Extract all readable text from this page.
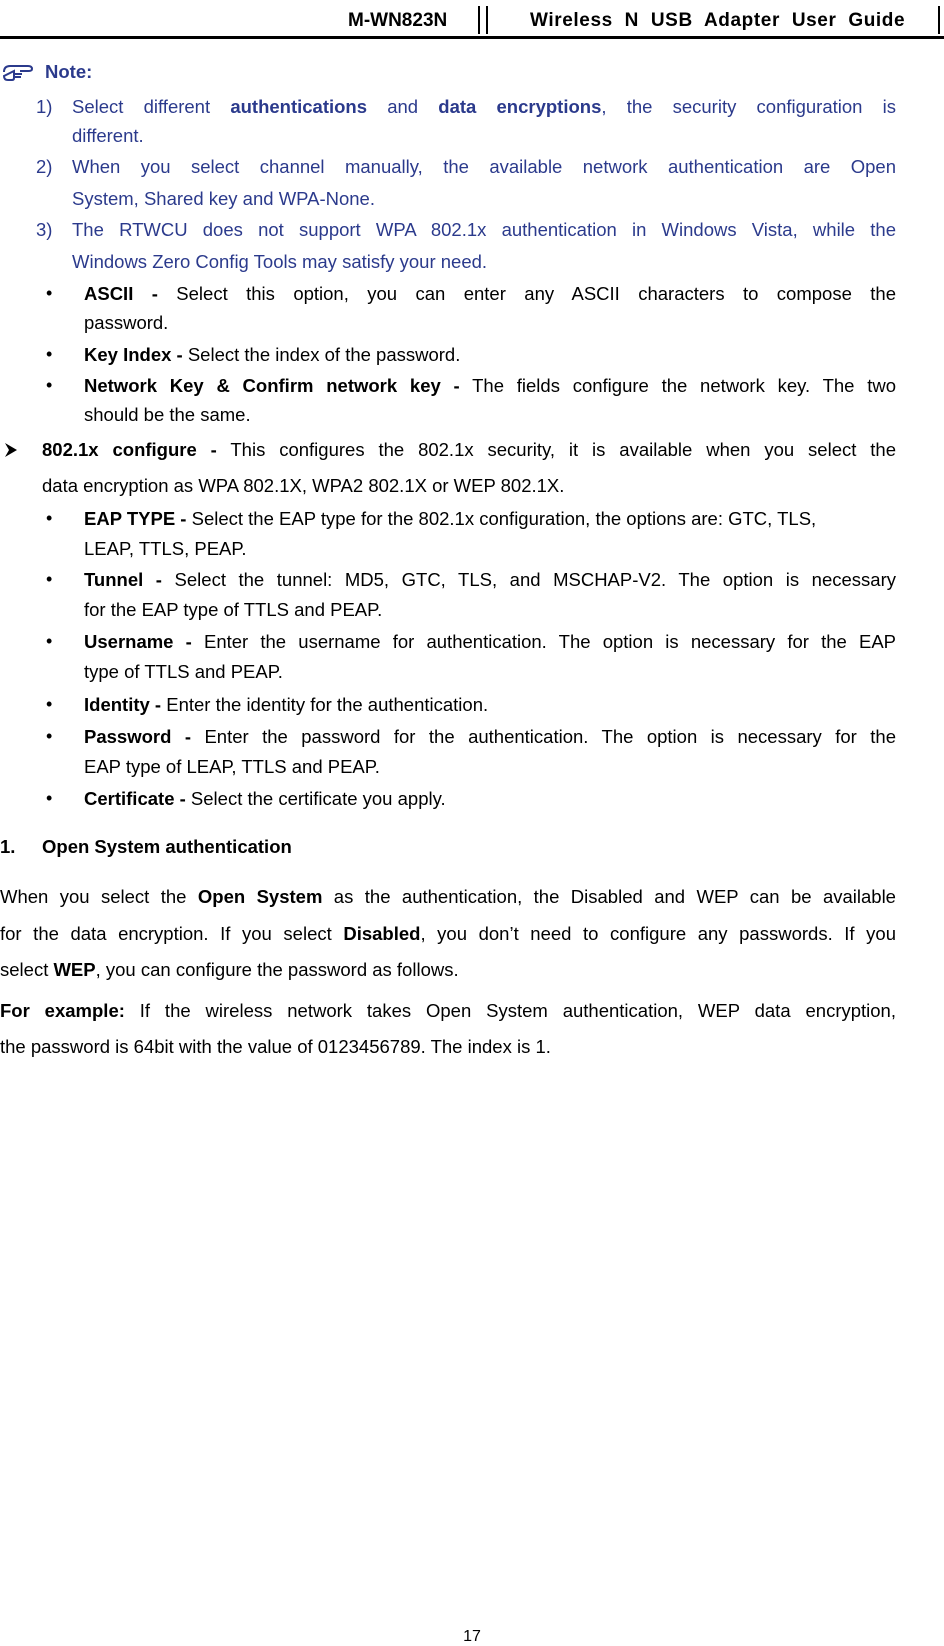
M-WN823N	Wireless N USB Adapter User Guide
Note:
1) Select different authentications and data encryptions, the security configuration is
different.
2) When you select channel manually, the available network authentication are Open
System, Shared key and WPA-None.
3) The RTWCU does not support WPA 802.1x authentication in Windows Vista, while the
Windows Zero Config Tools may satisfy your need.
• ASCII - Select this option, you can enter any ASCII characters to compose the
password.
• Key Index - Select the index of the password.
• Network Key & Confirm network key - The fields configure the network key. The two
should be the same.
802.1x configure - This configures the 802.1x security, it is available when you select the
data encryption as WPA 802.1X, WPA2 802.1X or WEP 802.1X.
• EAP TYPE - Select the EAP type for the 802.1x configuration, the options are: GTC, TLS,
LEAP, TTLS, PEAP.
• Tunnel - Select the tunnel: MD5, GTC, TLS, and MSCHAP-V2. The option is necessary
for the EAP type of TTLS and PEAP.
• Username - Enter the username for authentication. The option is necessary for the EAP
type of TTLS and PEAP.
• Identity - Enter the identity for the authentication.
• Password - Enter the password for the authentication. The option is necessary for the
EAP type of LEAP, TTLS and PEAP.
• Certificate - Select the certificate you apply.
1. Open System authentication
When you select the Open System as the authentication, the Disabled and WEP can be available
for the data encryption. If you select Disabled, you don’t need to configure any passwords. If you
select WEP, you can configure the password as follows.
For example: If the wireless network takes Open System authentication, WEP data encryption,
the password is 64bit with the value of 0123456789. The index is 1.
17
